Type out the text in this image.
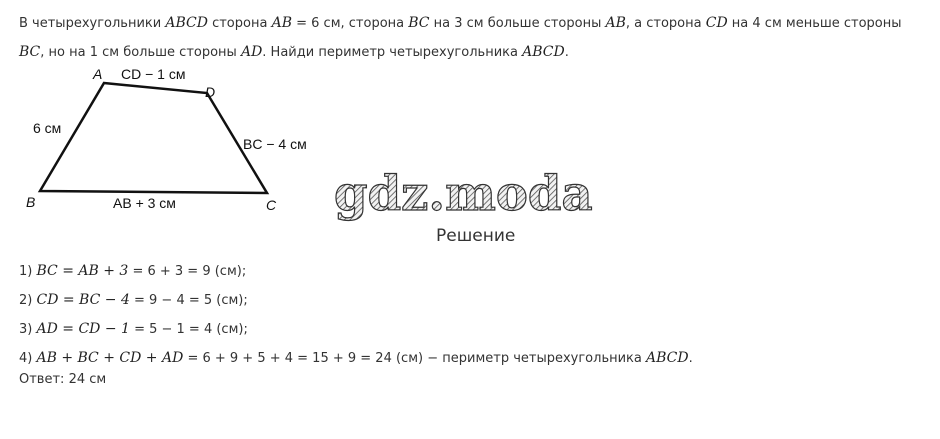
В четырехугольники ABCD сторона AB = 6 см, сторона BC на 3 см больше стороны AB, а сторона CD на 4 см меньше стороны BC, но на 1 см больше стороны AD. Найди периметр четырехугольника ABCD.
A
D
B	C
CD − 1 см
6 см
BC − 4 см
AB + 3 см	gdz.moda
Решение
1) BC = AB + 3 = 6 + 3 = 9 (см);
2) CD = BC − 4 = 9 − 4 = 5 (см);
3) AD = CD − 1 = 5 − 1 = 4 (см);
4) AB + BC + CD + AD = 6 + 9 + 5 + 4 = 15 + 9 = 24 (см) − периметр четырехугольника ABCD.
Ответ: 24 см
